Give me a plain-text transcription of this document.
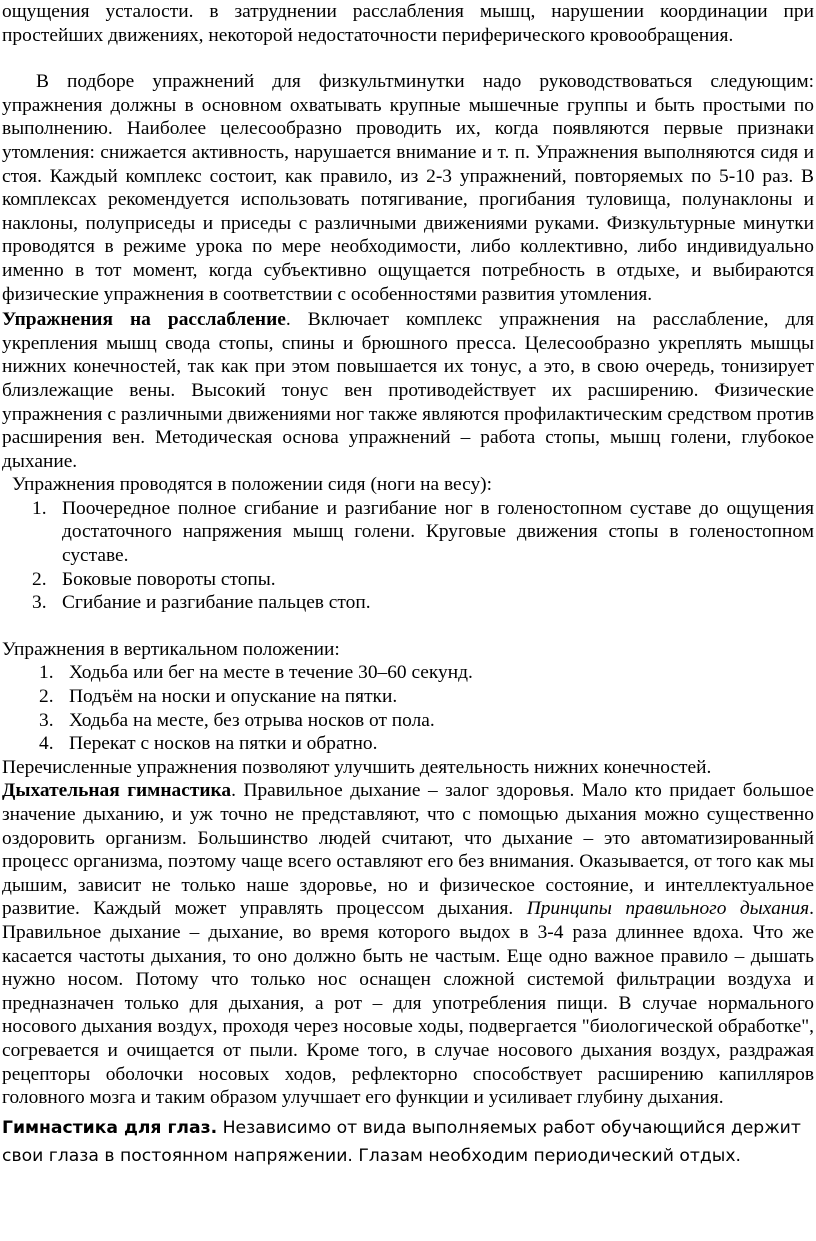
ощущения усталости. в затруднении расслабления мышц, нарушении координации при простейших движениях, некоторой недостаточности периферического кровообращения.

В подборе упражнений для физкультминутки надо руководствоваться следующим: упражнения должны в основном охватывать крупные мышечные группы и быть простыми по выполнению. Наиболее целесообразно проводить их, когда появляются первые признаки утомления: снижается активность, нарушается внимание и т. п. Упражнения выполняются сидя и стоя. Каждый комплекс состоит, как правило, из 2-3 упражнений, повторяемых по 5-10 раз. В комплексах рекомендуется использовать потягивание, прогибания туловища, полунаклоны и наклоны, полуприседы и приседы с различными движениями руками. Физкультурные минутки проводятся в режиме урока по мере необходимости, либо коллективно, либо индивидуально именно в тот момент, когда субъективно ощущается потребность в отдыхе, и выбираются физические упражнения в соответствии с особенностями развития утомления.

Упражнения на расслабление. Включает комплекс упражнения на расслабление, для укрепления мышц свода стопы, спины и брюшного пресса. Целесообразно укреплять мышцы нижних конечностей, так как при этом повышается их тонус, а это, в свою очередь, тонизирует близлежащие вены. Высокий тонус вен противодействует их расширению. Физические упражнения с различными движениями ног также являются профилактическим средством против расширения вен. Методическая основа упражнений – работа стопы, мышц голени, глубокое дыхание.

Упражнения проводятся в положении сидя (ноги на весу):

1. Поочередное полное сгибание и разгибание ног в голеностопном суставе до ощущения достаточного напряжения мышц голени. Круговые движения стопы в голеностопном суставе.
2. Боковые повороты стопы.
3. Сгибание и разгибание пальцев стоп.

Упражнения в вертикальном положении:

1. Ходьба или бег на месте в течение 30–60 секунд.
2. Подъём на носки и опускание на пятки.
3. Ходьба на месте, без отрыва носков от пола.
4. Перекат с носков на пятки и обратно.

Перечисленные упражнения позволяют улучшить деятельность нижних конечностей.

Дыхательная гимнастика. Правильное дыхание – залог здоровья. Мало кто придает большое значение дыханию, и уж точно не представляют, что с помощью дыхания можно существенно оздоровить организм. Большинство людей считают, что дыхание – это автоматизированный процесс организма, поэтому чаще всего оставляют его без внимания. Оказывается, от того как мы дышим, зависит не только наше здоровье, но и физическое состояние, и интеллектуальное развитие. Каждый может управлять процессом дыхания. Принципы правильного дыхания. Правильное дыхание – дыхание, во время которого выдох в 3-4 раза длиннее вдоха. Что же касается частоты дыхания, то оно должно быть не частым. Еще одно важное правило – дышать нужно носом. Потому что только нос оснащен сложной системой фильтрации воздуха и предназначен только для дыхания, а рот – для употребления пищи. В случае нормального носового дыхания воздух, проходя через носовые ходы, подвергается "биологической обработке", согревается и очищается от пыли. Кроме того, в случае носового дыхания воздух, раздражая рецепторы оболочки носовых ходов, рефлекторно способствует расширению капилляров головного мозга и таким образом улучшает его функции и усиливает глубину дыхания.

Гимнастика для глаз. Независимо от вида выполняемых работ обучающийся держит свои глаза в постоянном напряжении. Глазам необходим периодический отдых.
